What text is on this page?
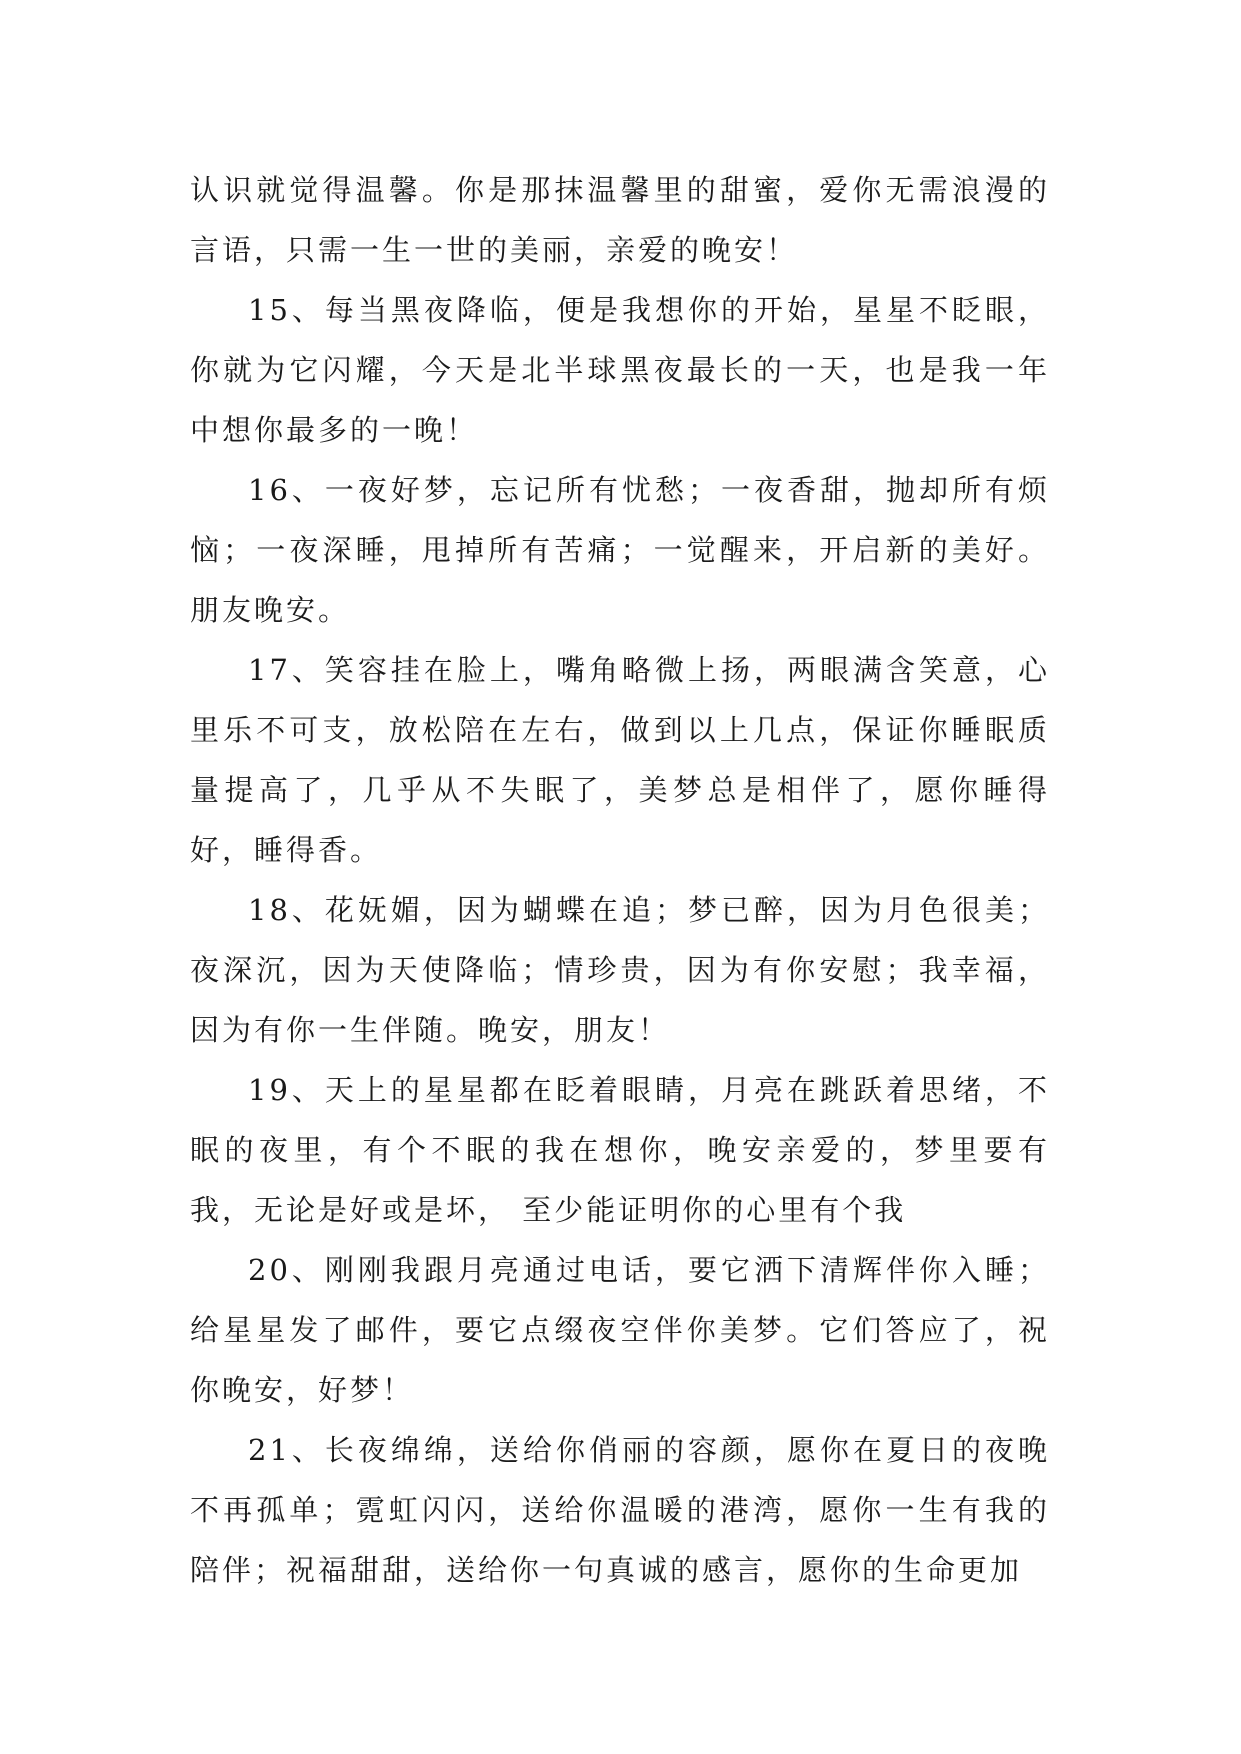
认识就觉得温馨。你是那抹温馨里的甜蜜，爱你无需浪漫的言语，只需一生一世的美丽，亲爱的晚安！

15、每当黑夜降临，便是我想你的开始，星星不眨眼，你就为它闪耀，今天是北半球黑夜最长的一天，也是我一年中想你最多的一晚！

16、一夜好梦，忘记所有忧愁；一夜香甜，抛却所有烦恼；一夜深睡，甩掉所有苦痛；一觉醒来，开启新的美好。朋友晚安。

17、笑容挂在脸上，嘴角略微上扬，两眼满含笑意，心里乐不可支，放松陪在左右，做到以上几点，保证你睡眠质量提高了，几乎从不失眠了，美梦总是相伴了，愿你睡得好，睡得香。

18、花妩媚，因为蝴蝶在追；梦已醉，因为月色很美；夜深沉，因为天使降临；情珍贵，因为有你安慰；我幸福，因为有你一生伴随。晚安，朋友！

19、天上的星星都在眨着眼睛，月亮在跳跃着思绪，不眠的夜里，有个不眠的我在想你，晚安亲爱的，梦里要有我，无论是好或是坏， 至少能证明你的心里有个我

20、刚刚我跟月亮通过电话，要它洒下清辉伴你入睡；给星星发了邮件，要它点缀夜空伴你美梦。它们答应了，祝你晚安，好梦！

21、长夜绵绵，送给你俏丽的容颜，愿你在夏日的夜晚不再孤单；霓虹闪闪，送给你温暖的港湾，愿你一生有我的陪伴；祝福甜甜，送给你一句真诚的感言，愿你的生命更加
